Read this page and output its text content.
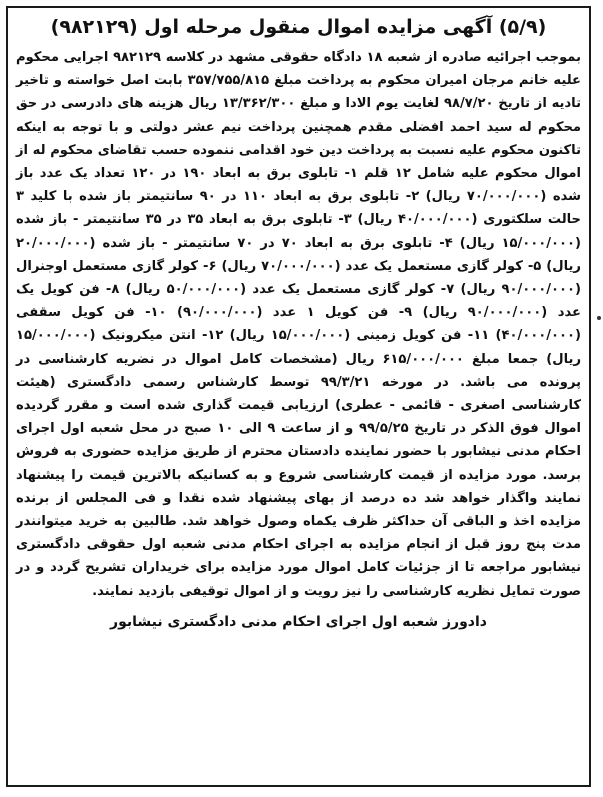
(۵/۹) آگهی مزایده اموال منقول مرحله اول (۹۸۲۱۲۹)

بموجب اجرائیه صادره از شعبه ۱۸ دادگاه حقوقی مشهد در کلاسه ۹۸۲۱۲۹ اجرایی محکوم علیه خانم مرجان امیران محکوم به پرداخت مبلغ ۳۵۷/۷۵۵/۸۱۵ بابت اصل خواسته و تاخیر تادیه از تاریخ ۹۸/۷/۲۰ لغایت یوم الادا و مبلغ ۱۳/۳۶۲/۳۰۰ ریال هزینه های دادرسی در حق محکوم له سید احمد افضلی مقدم همچنین پرداخت نیم عشر دولتی و با توجه به اینکه تاکنون محکوم علیه نسبت به پرداخت دین خود اقدامی ننموده حسب تقاضای محکوم له از اموال محکوم علیه شامل ۱۲ قلم ۱- تابلوی برق به ابعاد ۱۹۰ در ۱۲۰ تعداد یک عدد باز شده (۷۰/۰۰۰/۰۰۰ ریال) ۲- تابلوی برق به ابعاد ۱۱۰ در ۹۰ سانتیمتر باز شده با کلید ۳ حالت سلکتوری (۴۰/۰۰۰/۰۰۰ ریال) ۳- تابلوی برق به ابعاد ۳۵ در ۳۵ سانتیمتر - باز شده (۱۵/۰۰۰/۰۰۰ ریال) ۴- تابلوی برق به ابعاد ۷۰ در ۷۰ سانتیمتر - باز شده (۲۰/۰۰۰/۰۰۰ ریال) ۵- کولر گازی مستعمل یک عدد (۷۰/۰۰۰/۰۰۰ ریال) ۶- کولر گازی مستعمل اوجنرال (۹۰/۰۰۰/۰۰۰ ریال) ۷- کولر گازی مستعمل یک عدد (۵۰/۰۰۰/۰۰۰ ریال) ۸- فن کویل یک عدد (۹۰/۰۰۰/۰۰۰ ریال) ۹- فن کویل ۱ عدد (۹۰/۰۰۰/۰۰۰) ۱۰- فن کویل سقفی (۴۰/۰۰۰/۰۰۰) ۱۱- فن کویل زمینی (۱۵/۰۰۰/۰۰۰ ریال) ۱۲- انتن میکرونیک (۱۵/۰۰۰/۰۰۰ ریال) جمعا مبلغ ۶۱۵/۰۰۰/۰۰۰ ریال (مشخصات کامل اموال در نضریه کارشناسی در پرونده می باشد. در مورخه ۹۹/۳/۲۱ توسط کارشناس رسمی دادگستری (هیئت کارشناسی اصغری - قائمی - عطری) ارزیابی قیمت گذاری شده است و مقرر گردیده اموال فوق الذکر در تاریخ ۹۹/۵/۲۵ و از ساعت ۹ الی ۱۰ صبح در محل شعبه اول اجرای احکام مدنی نیشابور با حضور نماینده دادستان محترم از طریق مزایده حضوری به فروش برسد. مورد مزایده از قیمت کارشناسی شروع و به کسانیکه بالاترین قیمت را پیشنهاد نمایند واگذار خواهد شد ده درصد از بهای پیشنهاد شده نقدا و فی المجلس از برنده مزایده اخذ و الباقی آن حداکثر ظرف یکماه وصول خواهد شد. طالبین به خرید میتوانندر مدت پنج روز قبل از انجام مزایده به اجرای احکام مدنی شعبه اول حقوقی دادگستری نیشابور مراجعه تا از جزئیات کامل اموال مورد مزایده برای خریداران تشریح گردد و در صورت تمایل نظریه کارشناسی را نیز رویت و از اموال توقیفی بازدید نمایند.

دادورز شعبه اول اجرای احکام مدنی دادگستری نیشابور
